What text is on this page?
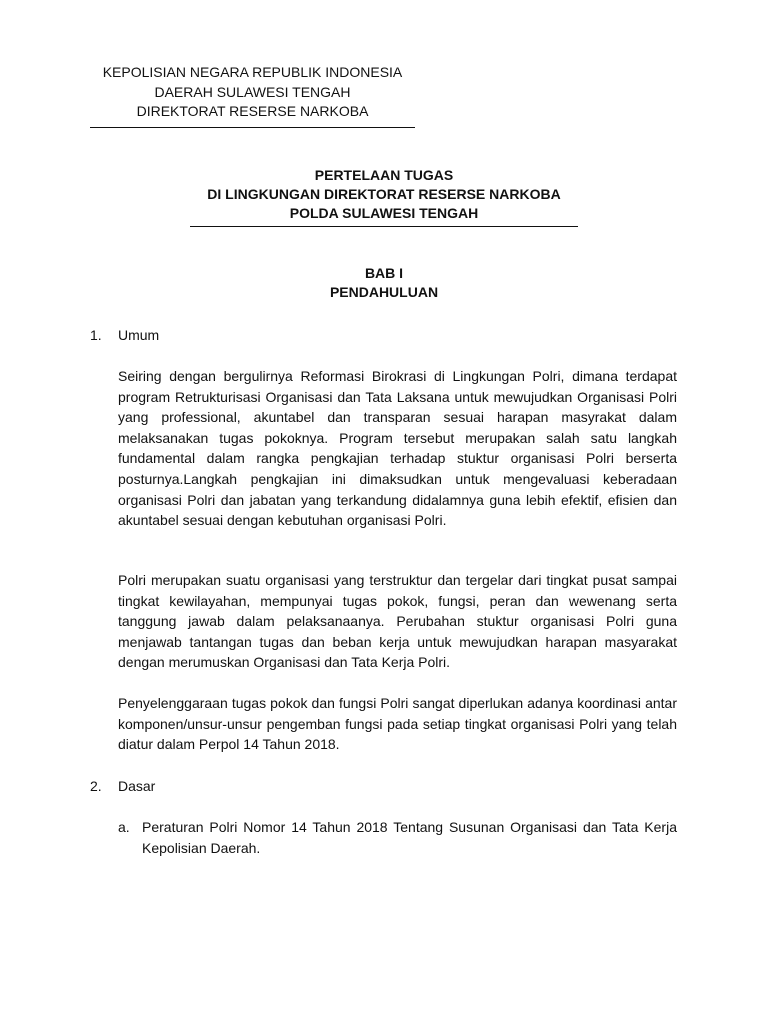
KEPOLISIAN NEGARA REPUBLIK INDONESIA
DAERAH SULAWESI TENGAH
DIREKTORAT RESERSE NARKOBA
PERTELAAN TUGAS
DI LINGKUNGAN DIREKTORAT RESERSE NARKOBA
POLDA SULAWESI TENGAH
BAB I
PENDAHULUAN
1. Umum

Seiring dengan bergulirnya Reformasi Birokrasi di Lingkungan Polri, dimana terdapat program Retrukturisasi Organisasi dan Tata Laksana untuk mewujudkan Organisasi Polri yang professional, akuntabel dan transparan sesuai harapan masyrakat dalam melaksanakan tugas pokoknya. Program tersebut merupakan salah satu langkah fundamental dalam rangka pengkajian terhadap stuktur organisasi Polri berserta posturnya.Langkah pengkajian ini dimaksudkan untuk mengevaluasi keberadaan organisasi Polri dan jabatan yang terkandung didalamnya guna lebih efektif, efisien dan akuntabel sesuai dengan kebutuhan organisasi Polri.

Polri merupakan suatu organisasi yang terstruktur dan tergelar dari tingkat pusat sampai tingkat kewilayahan, mempunyai tugas pokok, fungsi, peran dan wewenang serta tanggung jawab dalam pelaksanaanya. Perubahan stuktur organisasi Polri guna menjawab tantangan tugas dan beban kerja untuk mewujudkan harapan masyarakat dengan merumuskan Organisasi dan Tata Kerja Polri.

Penyelenggaraan tugas pokok dan fungsi Polri sangat diperlukan adanya koordinasi antar komponen/unsur-unsur pengemban fungsi pada setiap tingkat organisasi Polri yang telah diatur dalam Perpol 14 Tahun 2018.

2. Dasar
a. Peraturan Polri Nomor 14 Tahun 2018 Tentang Susunan Organisasi dan Tata Kerja Kepolisian Daerah.
